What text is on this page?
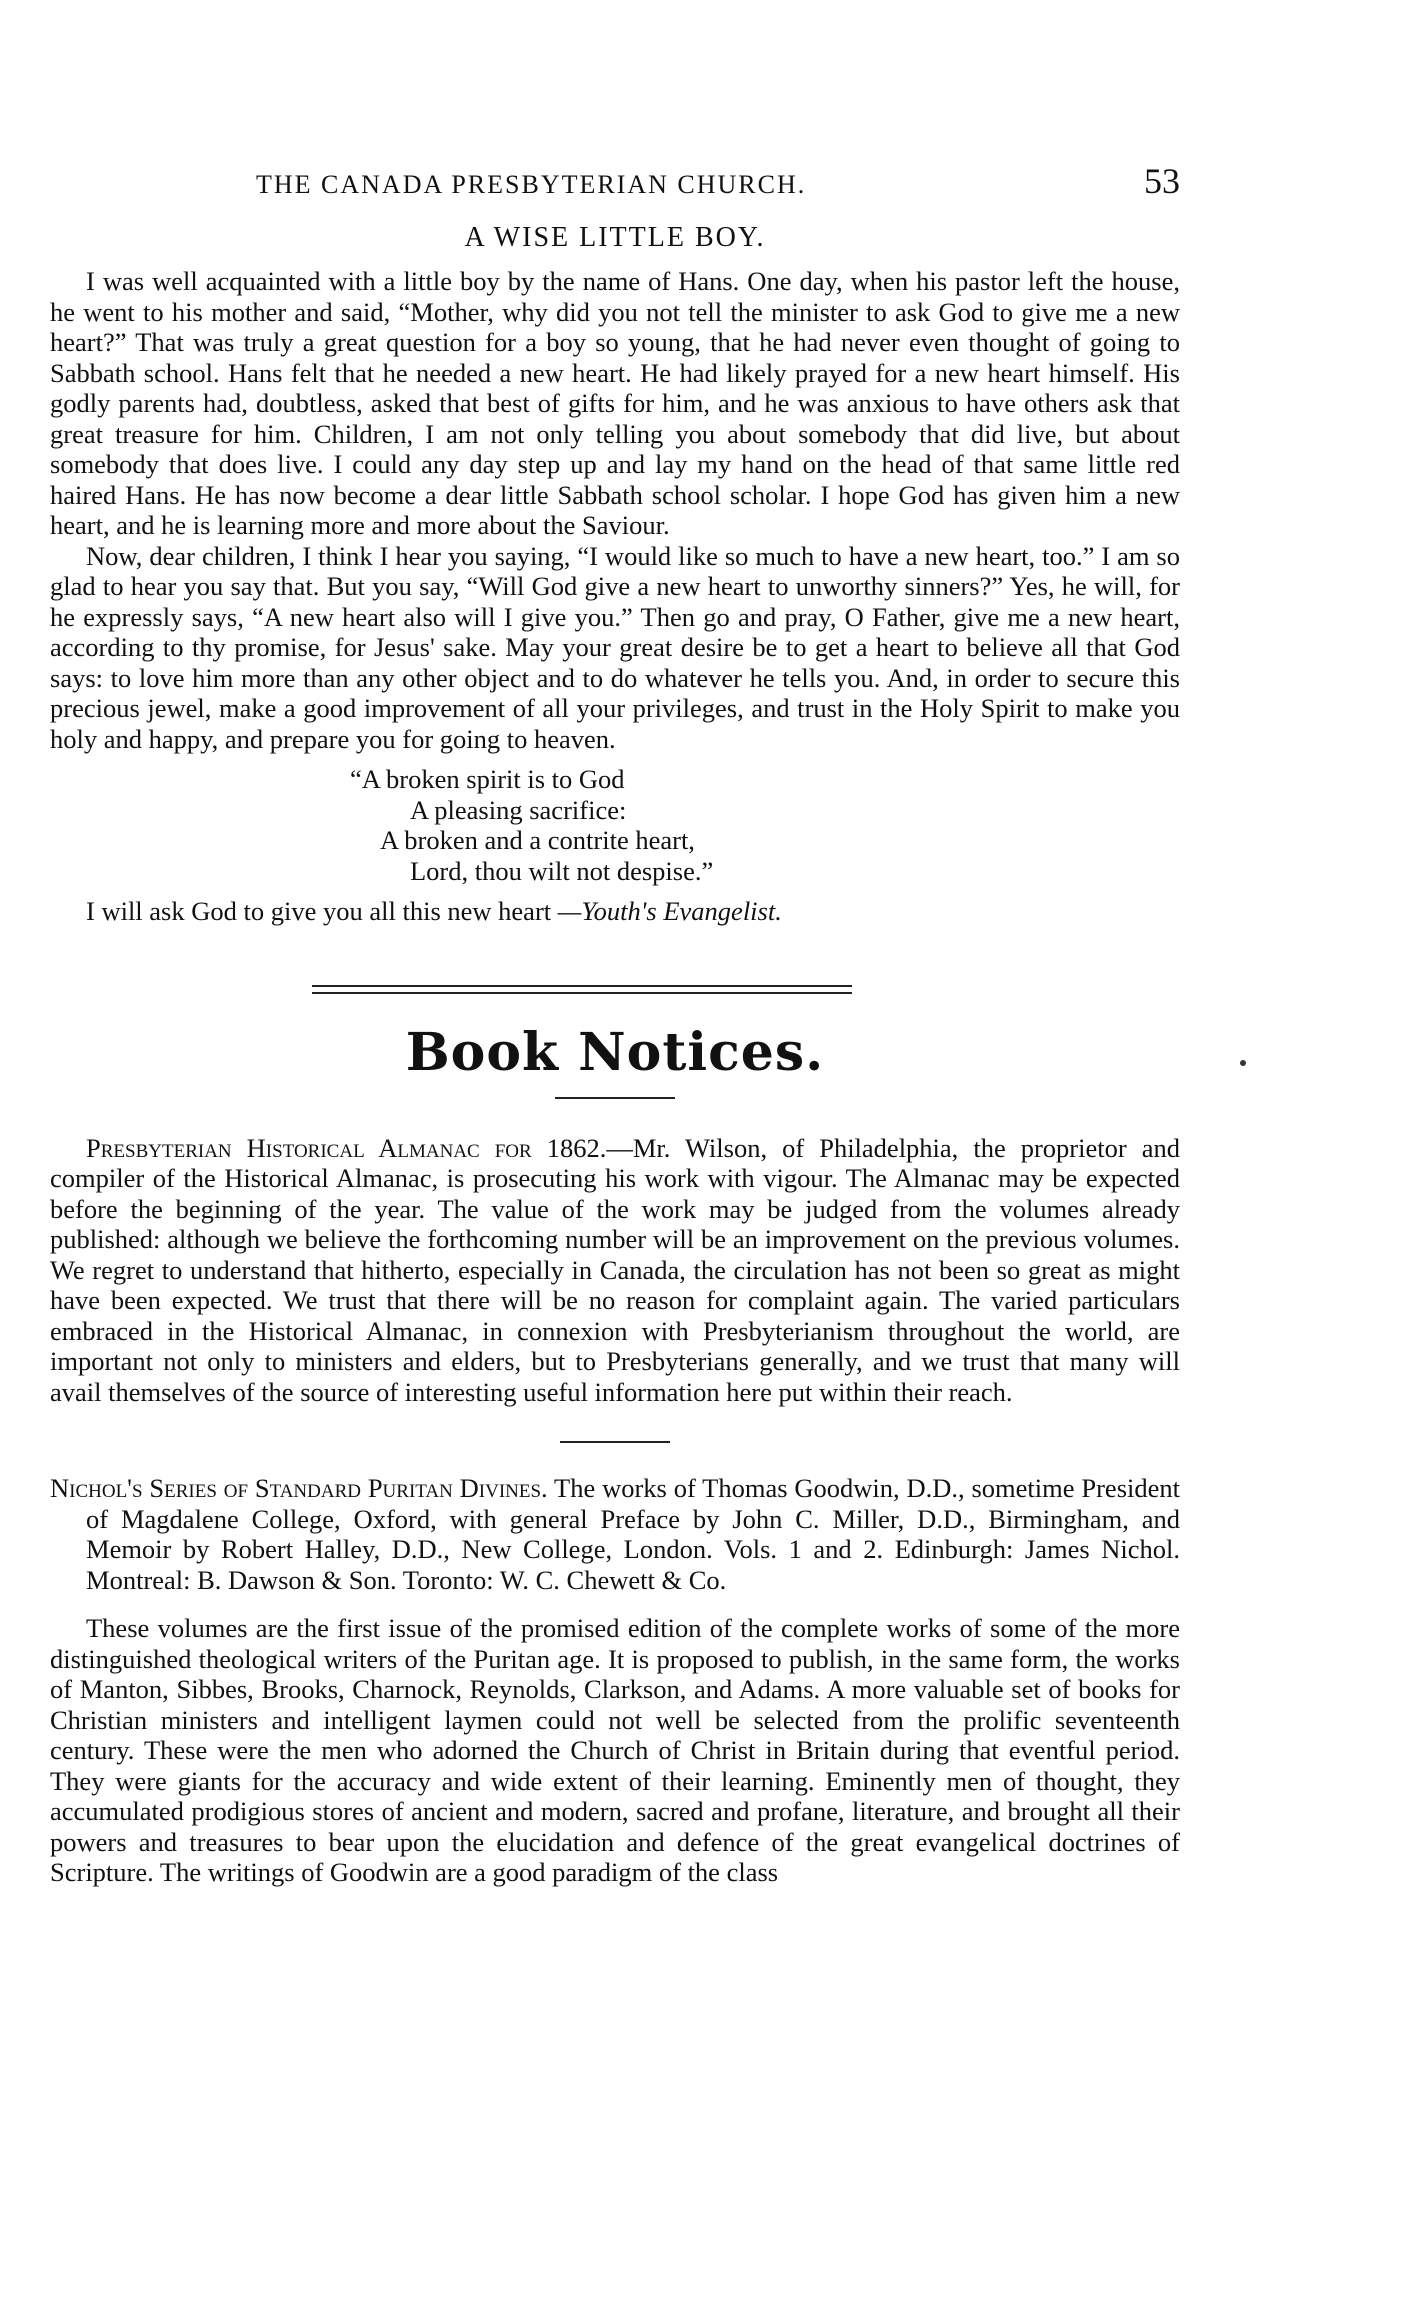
THE CANADA PRESBYTERIAN CHURCH.	53
A WISE LITTLE BOY.

I was well acquainted with a little boy by the name of Hans. One day, when his pastor left the house, he went to his mother and said, “Mother, why did you not tell the minister to ask God to give me a new heart?” That was truly a great question for a boy so young, that he had never even thought of going to Sabbath school. Hans felt that he needed a new heart. He had likely prayed for a new heart himself. His godly parents had, doubtless, asked that best of gifts for him, and he was anxious to have others ask that great treasure for him. Children, I am not only telling you about somebody that did live, but about somebody that does live. I could any day step up and lay my hand on the head of that same little red haired Hans. He has now become a dear little Sabbath school scholar. I hope God has given him a new heart, and he is learning more and more about the Saviour.

Now, dear children, I think I hear you saying, “I would like so much to have a new heart, too.” I am so glad to hear you say that. But you say, “Will God give a new heart to unworthy sinners?” Yes, he will, for he expressly says, “A new heart also will I give you.” Then go and pray, O Father, give me a new heart, according to thy promise, for Jesus' sake. May your great desire be to get a heart to believe all that God says: to love him more than any other object and to do whatever he tells you. And, in order to secure this precious jewel, make a good improvement of all your privileges, and trust in the Holy Spirit to make you holy and happy, and prepare you for going to heaven.

“A broken spirit is to God
A pleasing sacrifice:
A broken and a contrite heart,
Lord, thou wilt not despise.”
I will ask God to give you all this new heart —Youth's Evangelist.
Book Notices.

Presbyterian Historical Almanac for 1862.—Mr. Wilson, of Philadelphia, the proprietor and compiler of the Historical Almanac, is prosecuting his work with vigour. The Almanac may be expected before the beginning of the year. The value of the work may be judged from the volumes already published: although we believe the forthcoming number will be an improvement on the previous volumes. We regret to understand that hitherto, especially in Canada, the circulation has not been so great as might have been expected. We trust that there will be no reason for complaint again. The varied particulars embraced in the Historical Almanac, in connexion with Presbyterianism throughout the world, are important not only to ministers and elders, but to Presbyterians generally, and we trust that many will avail themselves of the source of interesting useful information here put within their reach.

Nichol's Series of Standard Puritan Divines. The works of Thomas Goodwin, D.D., sometime President of Magdalene College, Oxford, with general Preface by John C. Miller, D.D., Birmingham, and Memoir by Robert Halley, D.D., New College, London. Vols. 1 and 2. Edinburgh: James Nichol. Montreal: B. Dawson & Son. Toronto: W. C. Chewett & Co.

These volumes are the first issue of the promised edition of the complete works of some of the more distinguished theological writers of the Puritan age. It is proposed to publish, in the same form, the works of Manton, Sibbes, Brooks, Charnock, Reynolds, Clarkson, and Adams. A more valuable set of books for Christian ministers and intelligent laymen could not well be selected from the prolific seventeenth century. These were the men who adorned the Church of Christ in Britain during that eventful period. They were giants for the accuracy and wide extent of their learning. Eminently men of thought, they accumulated prodigious stores of ancient and modern, sacred and profane, literature, and brought all their powers and treasures to bear upon the elucidation and defence of the great evangelical doctrines of Scripture. The writings of Goodwin are a good paradigm of the class
